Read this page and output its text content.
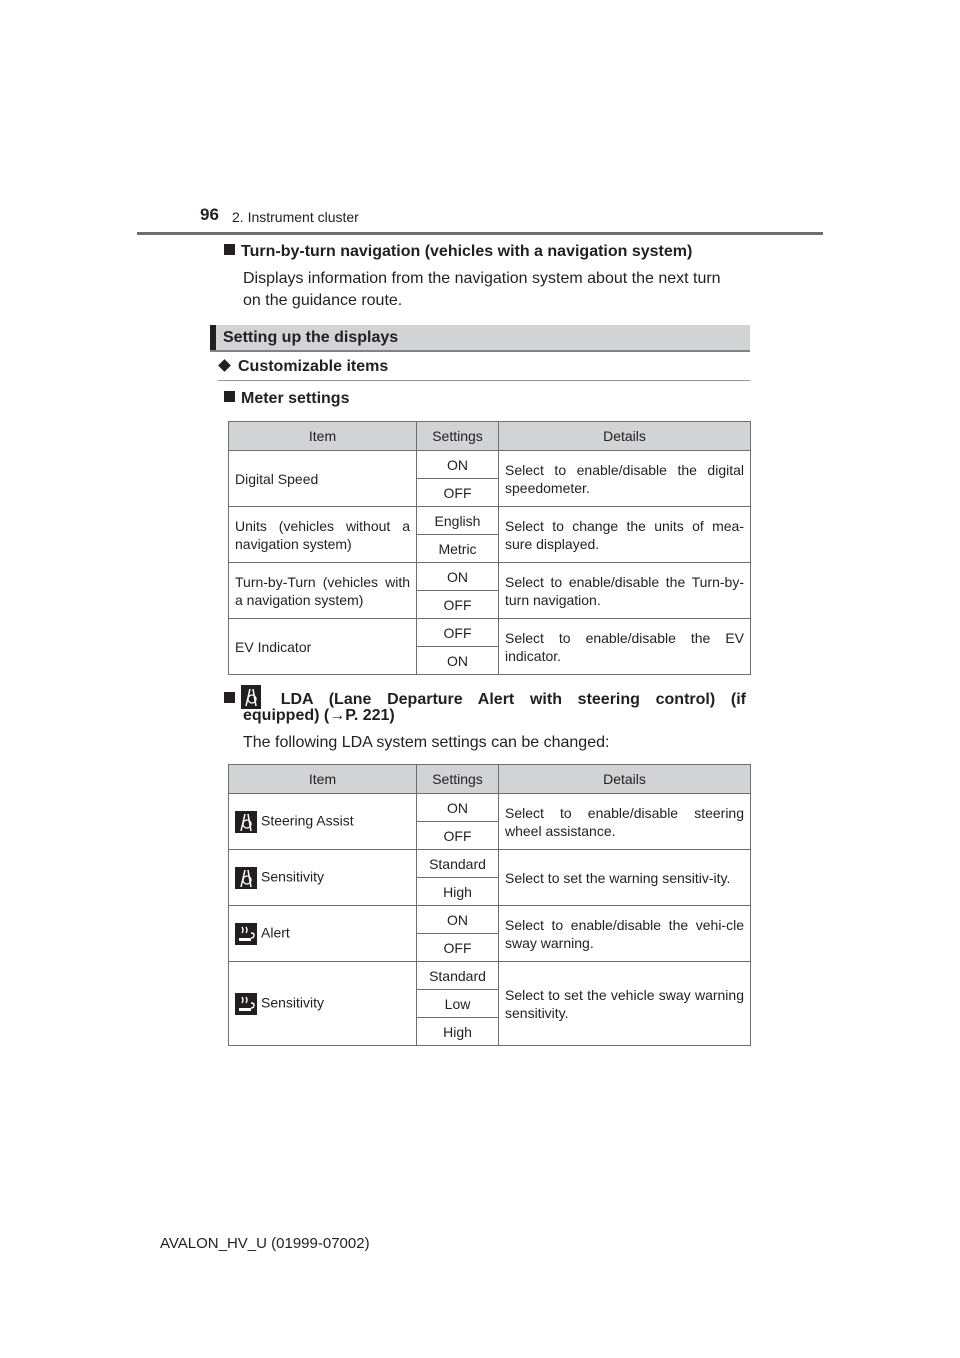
96 2. Instrument cluster
Turn-by-turn navigation (vehicles with a navigation system)
Displays information from the navigation system about the next turn
on the guidance route.
Setting up the displays
Customizable items
Meter settings
Item	Settings	Details
Digital Speed	ON	Select to enable/disable the digital speedometer.
	OFF	
Units (vehicles without a navigation system)	English	Select to change the units of mea-sure displayed.
	Metric	
Turn-by-Turn (vehicles with a navigation system)	ON	Select to enable/disable the Turn-by-turn navigation.
	OFF	
EV Indicator	OFF	Select to enable/disable the EV indicator.
	ON	
LDA (Lane Departure Alert with steering control) (if
equipped) (→P. 221)
The following LDA system settings can be changed:
Item	Settings	Details

Steering Assist	ON	Select to enable/disable steering wheel assistance.
	OFF	

Sensitivity	Standard	Select to set the warning sensitiv-ity.
	High	

Alert	ON	Select to enable/disable the vehi-cle sway warning.
	OFF	

Sensitivity	Standard	Select to set the vehicle sway warning sensitivity.
	Low	
	High	
AVALON_HV_U (01999-07002)
